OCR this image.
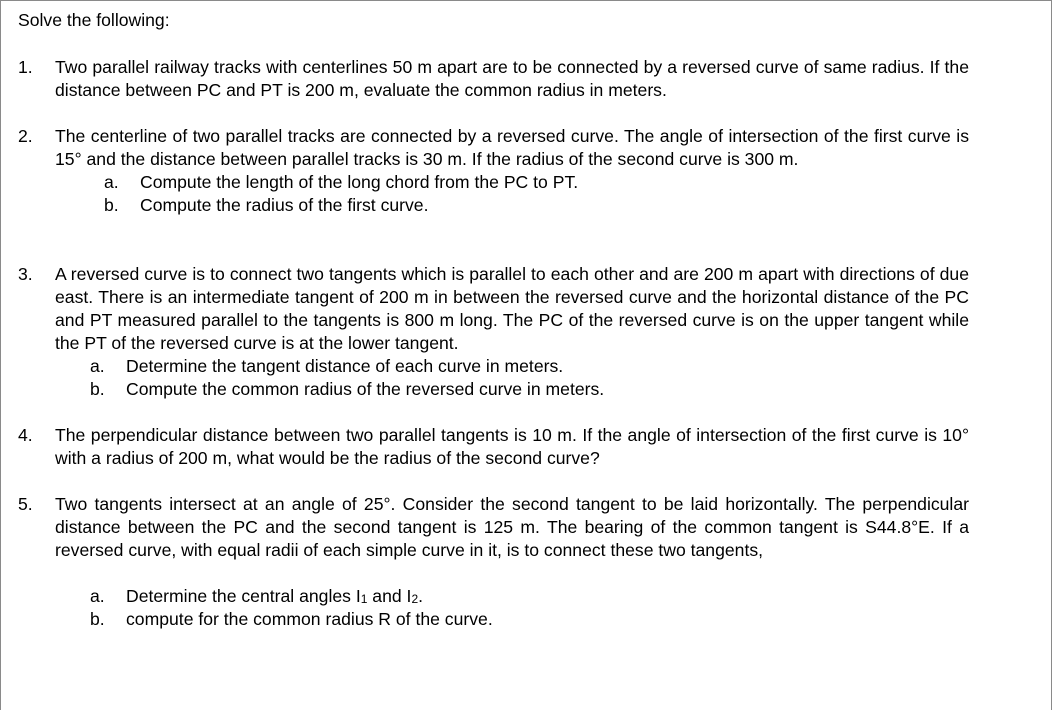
Solve the following:
1. Two parallel railway tracks with centerlines 50 m apart are to be connected by a reversed curve of same radius. If the distance between PC and PT is 200 m, evaluate the common radius in meters.
2. The centerline of two parallel tracks are connected by a reversed curve. The angle of intersection of the first curve is 15° and the distance between parallel tracks is 30 m. If the radius of the second curve is 300 m.
a. Compute the length of the long chord from the PC to PT.
b. Compute the radius of the first curve.
3. A reversed curve is to connect two tangents which is parallel to each other and are 200 m apart with directions of due east. There is an intermediate tangent of 200 m in between the reversed curve and the horizontal distance of the PC and PT measured parallel to the tangents is 800 m long. The PC of the reversed curve is on the upper tangent while the PT of the reversed curve is at the lower tangent.
a. Determine the tangent distance of each curve in meters.
b. Compute the common radius of the reversed curve in meters.
4. The perpendicular distance between two parallel tangents is 10 m. If the angle of intersection of the first curve is 10° with a radius of 200 m, what would be the radius of the second curve?
5. Two tangents intersect at an angle of 25°. Consider the second tangent to be laid horizontally. The perpendicular distance between the PC and the second tangent is 125 m. The bearing of the common tangent is S44.8°E. If a reversed curve, with equal radii of each simple curve in it, is to connect these two tangents,
a. Determine the central angles $I_1$ and $I_2$.
b. compute for the common radius R of the curve.
